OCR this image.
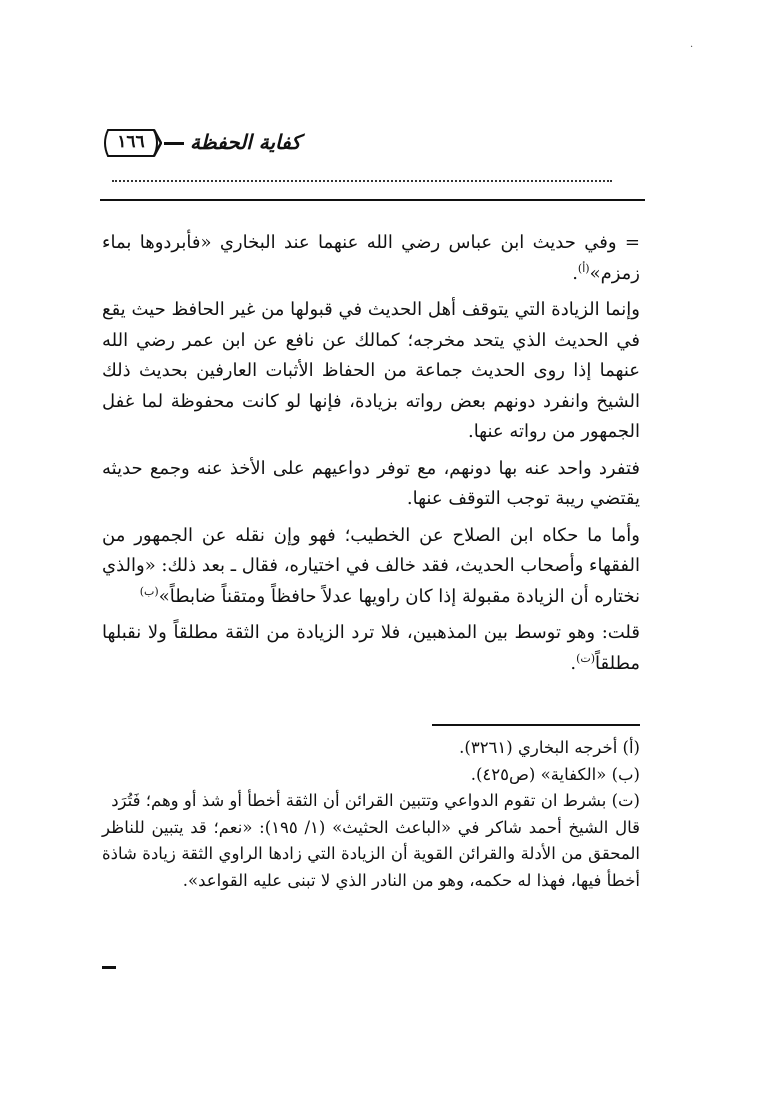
·
١٦٦	كفاية الحفظة

= وفي حديث ابن عباس رضي الله عنهما عند البخاري «فأبردوها بماء زمزم»$^{(أ)}$.

وإنما الزيادة التي يتوقف أهل الحديث في قبولها من غير الحافظ حيث يقع في الحديث الذي يتحد مخرجه؛ كمالك عن نافع عن ابن عمر رضي الله عنهما إذا روى الحديث جماعة من الحفاظ الأثبات العارفين بحديث ذلك الشيخ وانفرد دونهم بعض رواته بزيادة، فإنها لو كانت محفوظة لما غفل الجمهور من رواته عنها.

فتفرد واحد عنه بها دونهم، مع توفر دواعيهم على الأخذ عنه وجمع حديثه يقتضي ريبة توجب التوقف عنها.

وأما ما حكاه ابن الصلاح عن الخطيب؛ فهو وإن نقله عن الجمهور من الفقهاء وأصحاب الحديث، فقد خالف في اختياره، فقال ـ بعد ذلك: «والذي نختاره أن الزيادة مقبولة إذا كان راويها عدلاً حافظاً ومتقناً ضابطاً»$^{(ب)}$

قلت: وهو توسط بين المذهبين، فلا ترد الزيادة من الثقة مطلقاً ولا نقبلها مطلقاً$^{(ت)}$.

(أ) أخرجه البخاري (٣٢٦١).

(ب) «الكفاية» (ص٤٢٥).

(ت) بشرط ان تقوم الدواعي وتتبين القرائن أن الثقة أخطأ أو شذ أو وهم؛ فَتُرَد

قال الشيخ أحمد شاكر في «الباعث الحثيث» (١/ ١٩٥): «نعم؛ قد يتبين للناظر المحقق من الأدلة والقرائن القوية أن الزيادة التي زادها الراوي الثقة زيادة شاذة أخطأ فيها، فهذا له حكمه، وهو من النادر الذي لا تبنى عليه القواعد».
